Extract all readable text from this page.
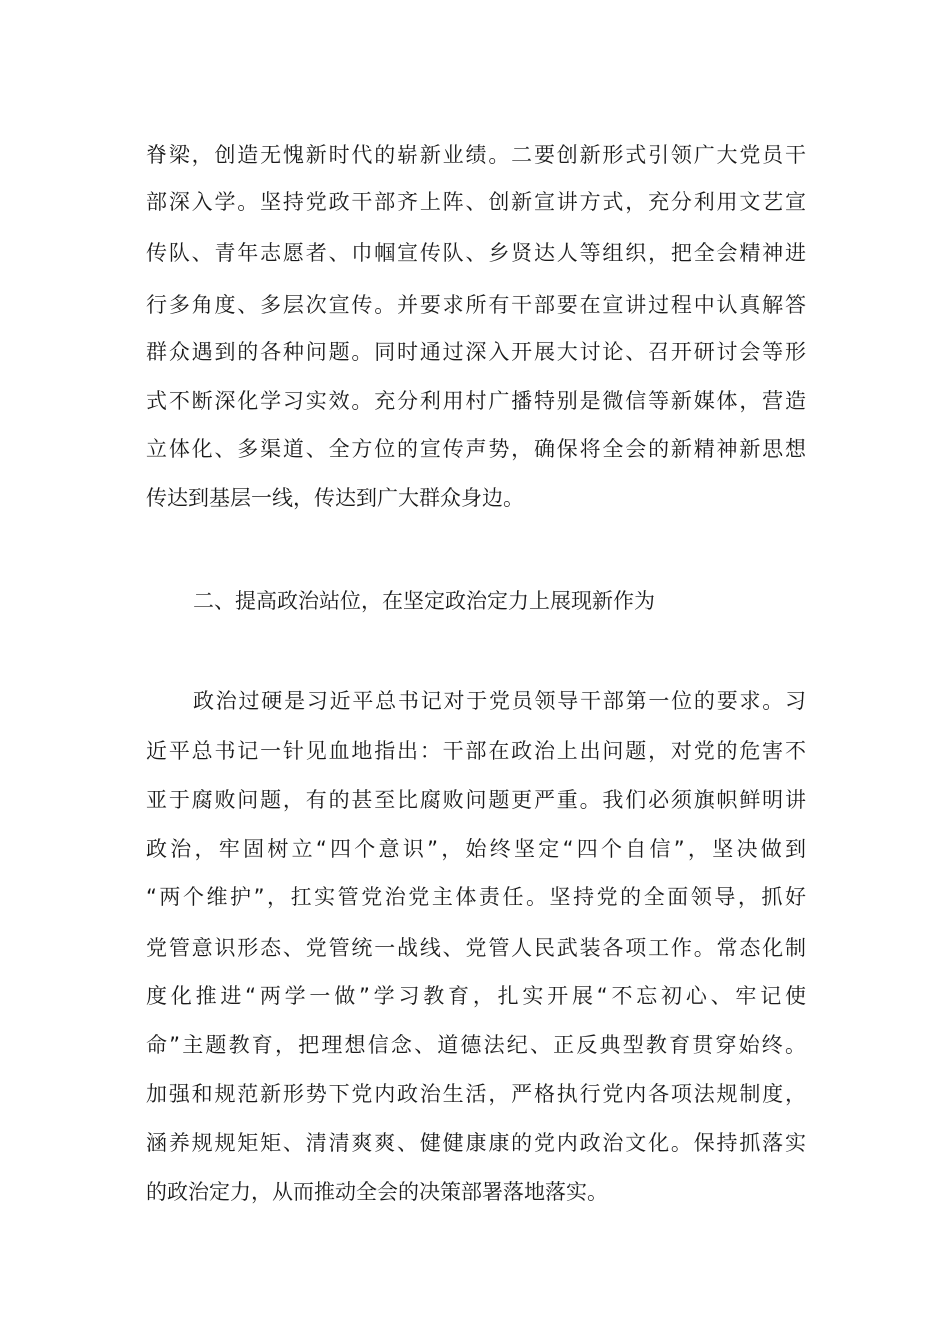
脊梁，创造无愧新时代的崭新业绩。二要创新形式引领广大党员干
部深入学。坚持党政干部齐上阵、创新宣讲方式，充分利用文艺宣
传队、青年志愿者、巾帼宣传队、乡贤达人等组织，把全会精神进
行多角度、多层次宣传。并要求所有干部要在宣讲过程中认真解答
群众遇到的各种问题。同时通过深入开展大讨论、召开研讨会等形
式不断深化学习实效。充分利用村广播特别是微信等新媒体，营造
立体化、多渠道、全方位的宣传声势，确保将全会的新精神新思想
传达到基层一线，传达到广大群众身边。
二、提高政治站位，在坚定政治定力上展现新作为
政治过硬是习近平总书记对于党员领导干部第一位的要求。习
近平总书记一针见血地指出：干部在政治上出问题，对党的危害不
亚于腐败问题，有的甚至比腐败问题更严重。我们必须旗帜鲜明讲
政治，牢固树立“四个意识”，始终坚定“四个自信”，坚决做到
“两个维护”，扛实管党治党主体责任。坚持党的全面领导，抓好
党管意识形态、党管统一战线、党管人民武装各项工作。常态化制
度化推进“两学一做”学习教育，扎实开展“不忘初心、牢记使
命”主题教育，把理想信念、道德法纪、正反典型教育贯穿始终。
加强和规范新形势下党内政治生活，严格执行党内各项法规制度，
涵养规规矩矩、清清爽爽、健健康康的党内政治文化。保持抓落实
的政治定力，从而推动全会的决策部署落地落实。
